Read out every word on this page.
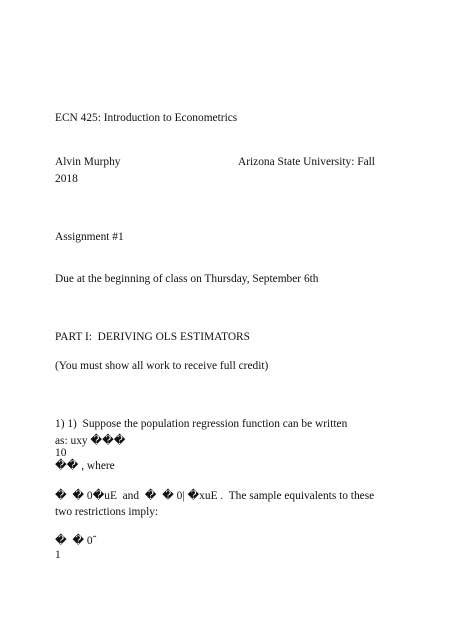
ECN 425: Introduction to Econometrics
Alvin Murphy	Arizona State University: Fall
2018
Assignment #1
Due at the beginning of class on Thursday, September 6th
PART I:  DERIVING OLS ESTIMATORS
(You must show all work to receive full credit)
1) 1)  Suppose the population regression function can be written
as: uxy ���
10
�� , where
�  � 0�uE  and  �  � 0| �xuE .  The sample equivalents to these
two restrictions imply:
�  � 0ˆ
1
